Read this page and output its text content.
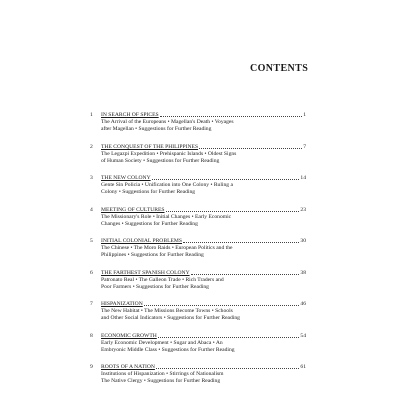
CONTENTS
1 IN SEARCH OF SPICES	1
The Arrival of the Europeans • Magellan's Death • Voyages
after Magellan • Suggestions for Further Reading
2 THE CONQUEST OF THE PHILIPPINES	7
The Legazpi Expedition • Prehispanic Islands • Oldest Signs
of Human Society • Suggestions for Further Reading
3 THE NEW COLONY	14
Gente Sin Policia • Unification into One Colony • Ruling a
Colony • Suggestions for Further Reading
4 MEETING OF CULTURES	23
The Missionary's Role • Initial Changes • Early Economic
Changes • Suggestions for Further Reading
5 INITIAL COLONIAL PROBLEMS	30
The Chinese • The Moro Raids • European Politics and the
Philippines • Suggestions for Further Reading
6 THE FARTHEST SPANISH COLONY	38
Patronato Real • The Galleon Trade • Rich Traders and
Poor Farmers • Suggestions for Further Reading
7 HISPANIZATION	46
The New Habitat • The Missions Become Towns • Schools
and Other Social Indicators • Suggestions for Further Reading
8 ECONOMIC GROWTH	54
Early Economic Development • Sugar and Abaca • An
Embryonic Middle Class • Suggestions for Further Reading
9 ROOTS OF A NATION	61
Institutions of Hispanization • Stirrings of Nationalism
The Native Clergy • Suggestions for Further Reading
